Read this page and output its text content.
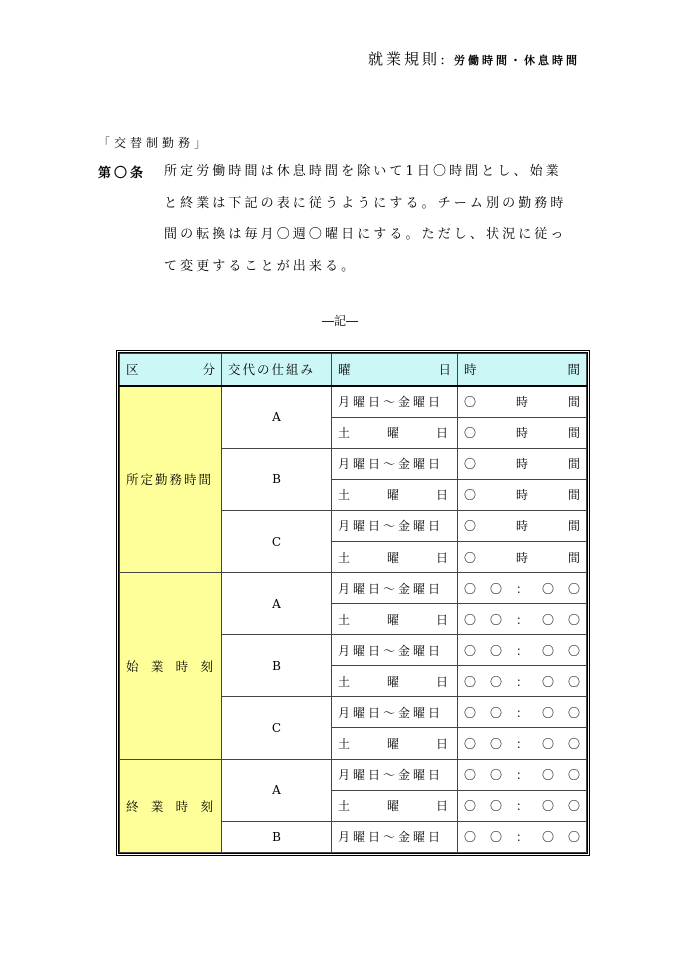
就業規則：労働時間・休息時間
「交替制勤務」
第〇条 所定労働時間は休息時間を除いて1日〇時間とし、始業
と終業は下記の表に従うようにする。チーム別の勤務時
間の転換は毎月〇週〇曜日にする。ただし、状況に従っ
て変更することが出来る。
―記―
区 分	交代の仕組み	曜 日	時 間

所定勤務時間	A	月曜日〜金曜日	〇 時 間

		土 曜 日	〇 時 間

	B	月曜日〜金曜日	〇 時 間

		土 曜 日	〇 時 間

	C	月曜日〜金曜日	〇 時 間

		土 曜 日	〇 時 間

始 業 時 刻	A	月曜日〜金曜日	〇 〇 ： 〇 〇

		土 曜 日	〇 〇 ： 〇 〇

	B	月曜日〜金曜日	〇 〇 ： 〇 〇

		土 曜 日	〇 〇 ： 〇 〇

	C	月曜日〜金曜日	〇 〇 ： 〇 〇

		土 曜 日	〇 〇 ： 〇 〇

終 業 時 刻	A	月曜日〜金曜日	〇 〇 ： 〇 〇

		土 曜 日	〇 〇 ： 〇 〇

	B	月曜日〜金曜日	〇 〇 ： 〇 〇
